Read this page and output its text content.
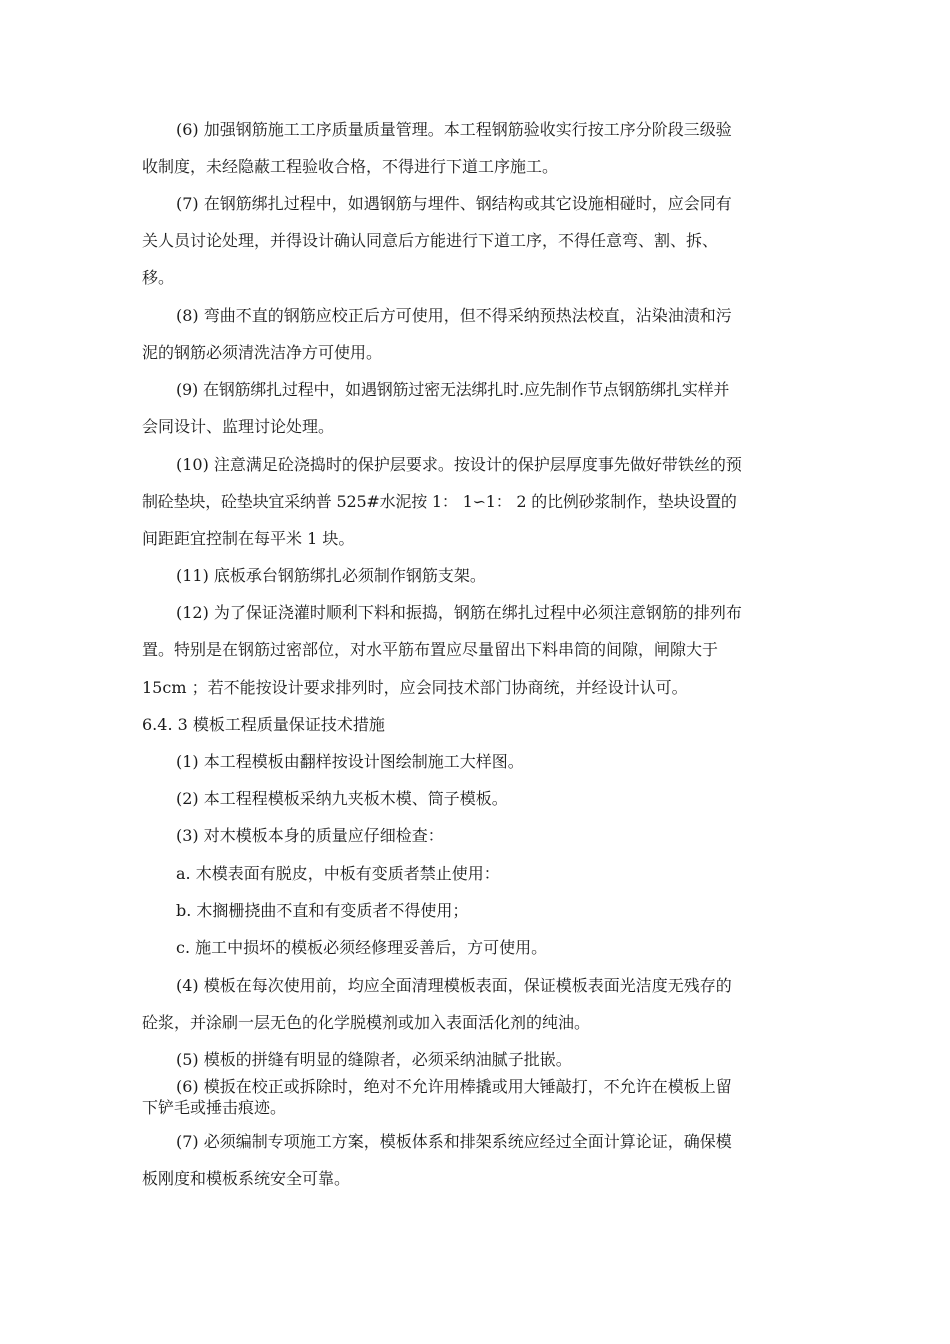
(6) 加强钢筋施工工序质量质量管理。本工程钢筋验收实行按工序分阶段三级验
收制度，未经隐蔽工程验收合格，不得进行下道工序施工。
(7) 在钢筋绑扎过程中，如遇钢筋与埋件、钢结构或其它设施相碰时，应会同有
关人员讨论处理，并得设计确认同意后方能进行下道工序，不得任意弯、割、拆、
移。
(8) 弯曲不直的钢筋应校正后方可使用，但不得采纳预热法校直，沾染油渍和污
泥的钢筋必须清洗洁净方可使用。
(9) 在钢筋绑扎过程中，如遇钢筋过密无法绑扎时.应先制作节点钢筋绑扎实样并
会同设计、监理讨论处理。
(10) 注意满足砼浇捣时的保护层要求。按设计的保护层厚度事先做好带铁丝的预
制砼垫块，砼垫块宜采纳普 525#水泥按 1： 1∽1： 2 的比例砂浆制作，垫块设置的
间距距宜控制在每平米 1 块。
(11) 底板承台钢筋绑扎必须制作钢筋支架。
(12) 为了保证浇灌时顺利下料和振捣，钢筋在绑扎过程中必须注意钢筋的排列布
置。特别是在钢筋过密部位，对水平筋布置应尽量留出下料串筒的间隙，闸隙大于
15cm ；若不能按设计要求排列时，应会同技术部门协商统，并经设计认可。
6.4. 3 模板工程质量保证技术措施
(1) 本工程模板由翻样按设计图绘制施工大样图。
(2) 本工程程模板采纳九夹板木模、筒子模板。
(3) 对木模板本身的质量应仔细检查：
a. 木模表面有脱皮，中板有变质者禁止使用：
b. 木搁栅挠曲不直和有变质者不得使用；
c. 施工中损坏的模板必须经修理妥善后，方可使用。
(4) 模板在每次使用前，均应全面清理模板表面，保证模板表面光洁度无残存的
砼浆，并涂刷一层无色的化学脱模剂或加入表面活化剂的纯油。
(5) 模板的拼缝有明显的缝隙者，必须采纳油腻子批嵌。
(6) 模扳在校正或拆除时，绝对不允许用棒撬或用大锤敲打，不允许在模板上留
下铲毛或捶击痕迹。
(7) 必须编制专项施工方案，模板体系和排架系统应经过全面计算论证，确保模
板刚度和模板系统安全可靠。
